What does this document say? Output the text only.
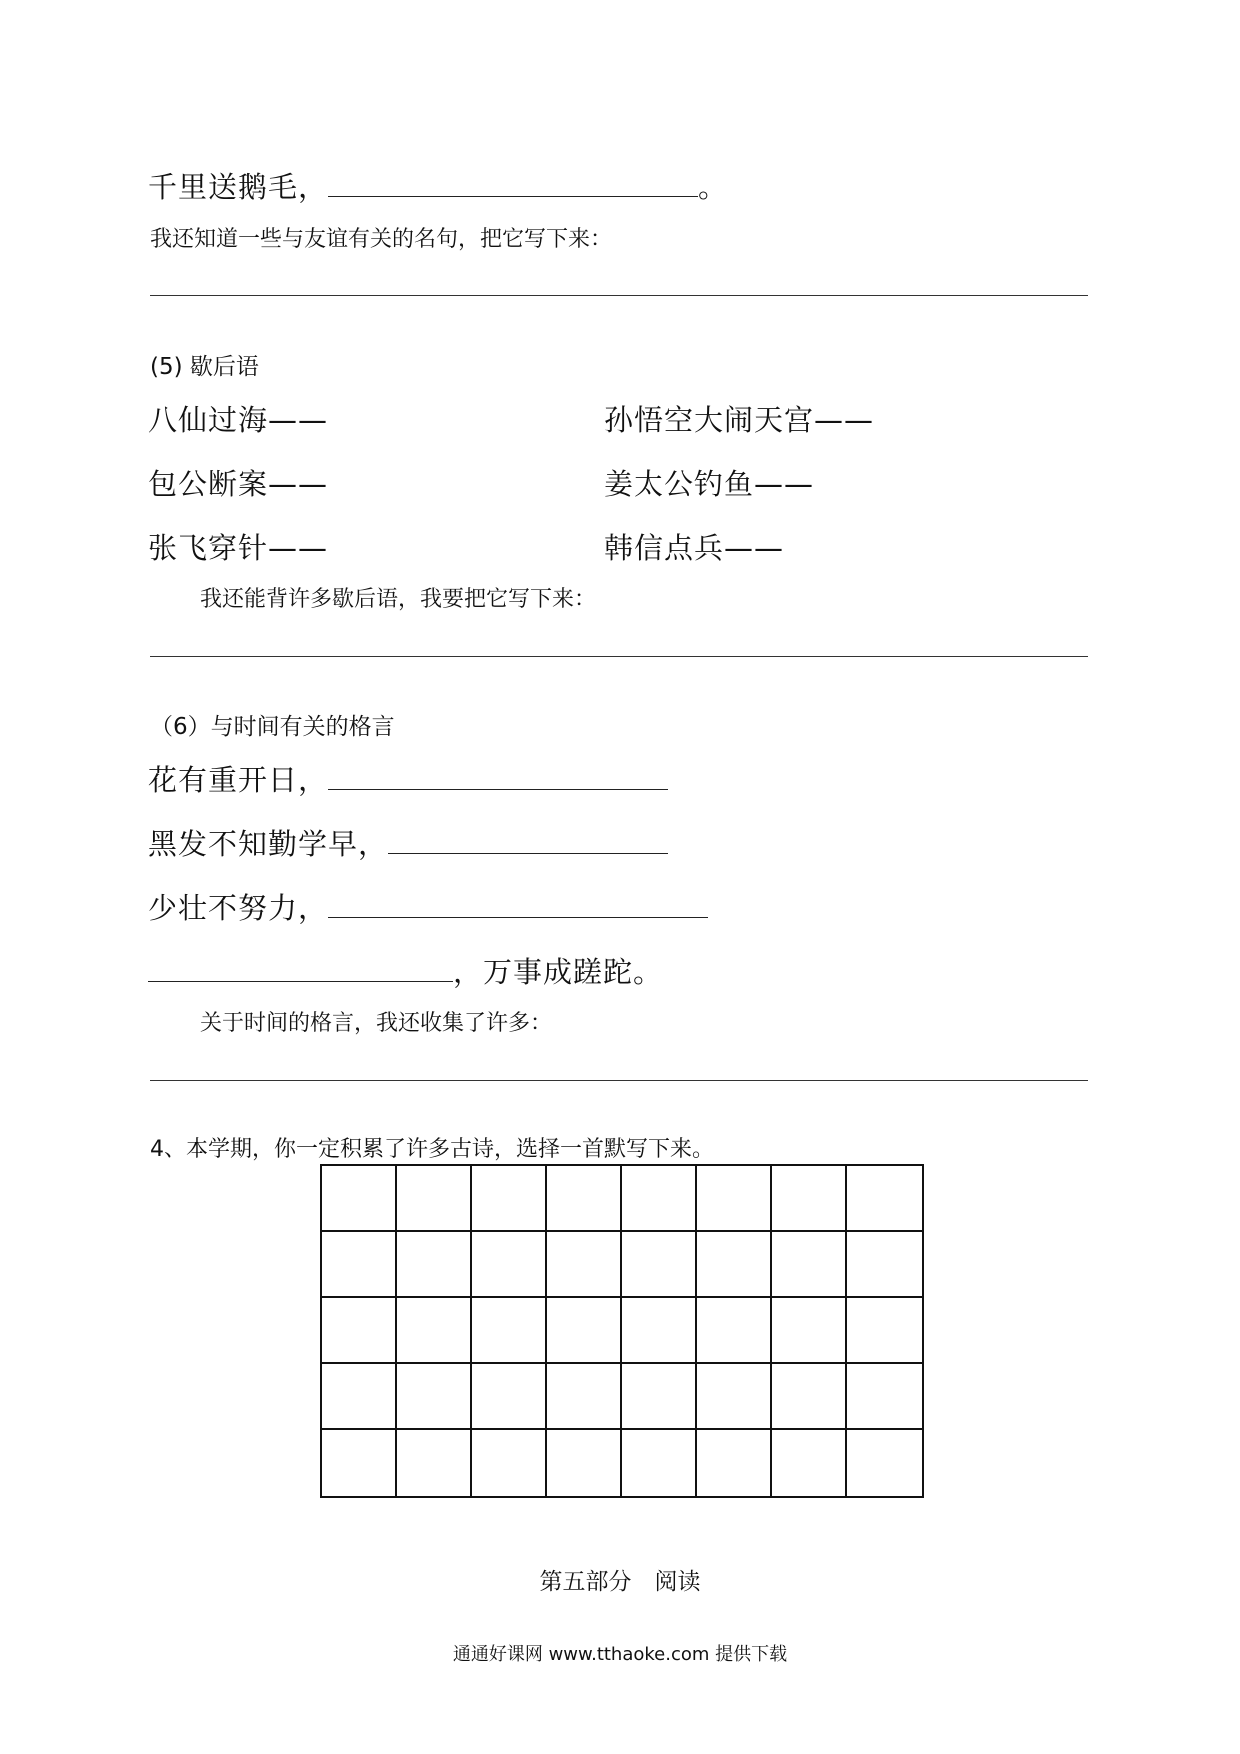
千里送鹅毛，	。
我还知道一些与友谊有关的名句，把它写下来：
(5) 歇后语
八仙过海——	孙悟空大闹天宫——
包公断案——	姜太公钓鱼——
张飞穿针——	韩信点兵——
我还能背许多歇后语，我要把它写下来：
（6）与时间有关的格言
花有重开日，
黑发不知勤学早，
少壮不努力，
，万事成蹉跎。
关于时间的格言，我还收集了许多：
4、本学期，你一定积累了许多古诗，选择一首默写下来。
第五部分　阅读
通通好课网 www.tthaoke.com 提供下载
